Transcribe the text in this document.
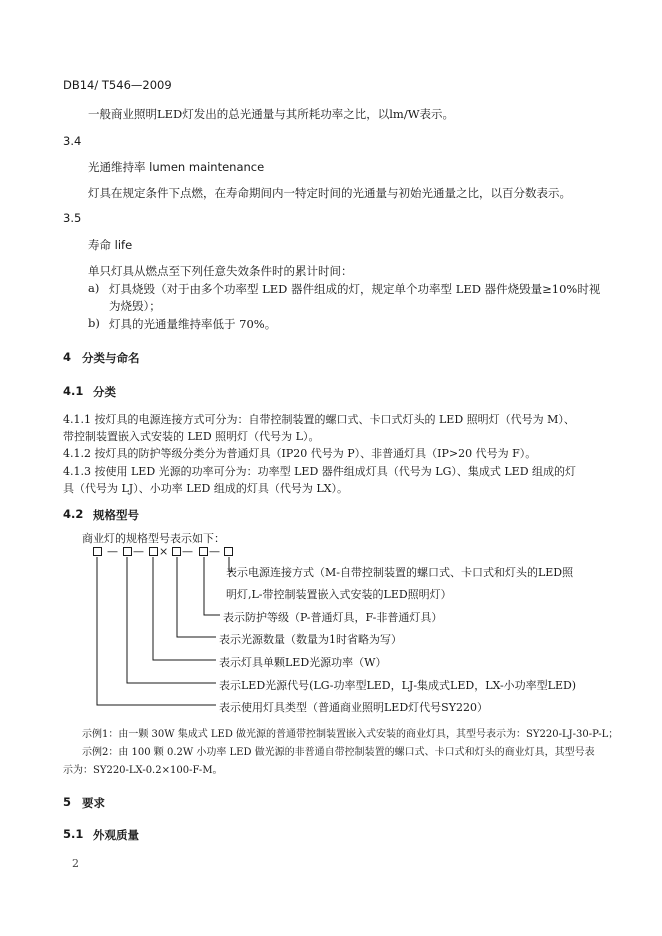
DB14/ T546—2009
一般商业照明LED灯发出的总光通量与其所耗功率之比，以lm/W表示。
3.4
光通维持率 lumen maintenance
灯具在规定条件下点燃，在寿命期间内一特定时间的光通量与初始光通量之比，以百分数表示。
3.5
寿命 life
单只灯具从燃点至下列任意失效条件时的累计时间：
a) 灯具烧毁（对于由多个功率型 LED 器件组成的灯，规定单个功率型 LED 器件烧毁量≥10%时视
为烧毁）；
b) 灯具的光通量维持率低于 70%。
4 分类与命名
4.1 分类
4.1.1 按灯具的电源连接方式可分为：自带控制装置的螺口式、卡口式灯头的 LED 照明灯（代号为 M）、
带控制装置嵌入式安装的 LED 照明灯（代号为 L）。
4.1.2 按灯具的防护等级分类分为普通灯具（IP20 代号为 P）、非普通灯具（IP>20 代号为 F）。
4.1.3 按使用 LED 光源的功率可分为：功率型 LED 器件组成灯具（代号为 LG）、集成式 LED 组成的灯
具（代号为 LJ）、小功率 LED 组成的灯具（代号为 LX）。
4.2 规格型号
商业灯的规格型号表示如下：
— — × — —
表示电源连接方式（M-自带控制装置的螺口式、卡口式和灯头的LED照
明灯,L-带控制装置嵌入式安装的LED照明灯）
表示防护等级（P-普通灯具，F-非普通灯具）
表示光源数量（数量为1时省略为写）
表示灯具单颗LED光源功率（W）
表示LED光源代号(LG-功率型LED，LJ-集成式LED，LX-小功率型LED)
表示使用灯具类型（普通商业照明LED灯代号SY220）
示例1：由一颗 30W 集成式 LED 做光源的普通带控制装置嵌入式安装的商业灯具，其型号表示为：SY220-LJ-30-P-L；
示例2：由 100 颗 0.2W 小功率 LED 做光源的非普通自带控制装置的螺口式、卡口式和灯头的商业灯具，其型号表
示为：SY220-LX-0.2×100-F-M。
5 要求
5.1 外观质量
2
